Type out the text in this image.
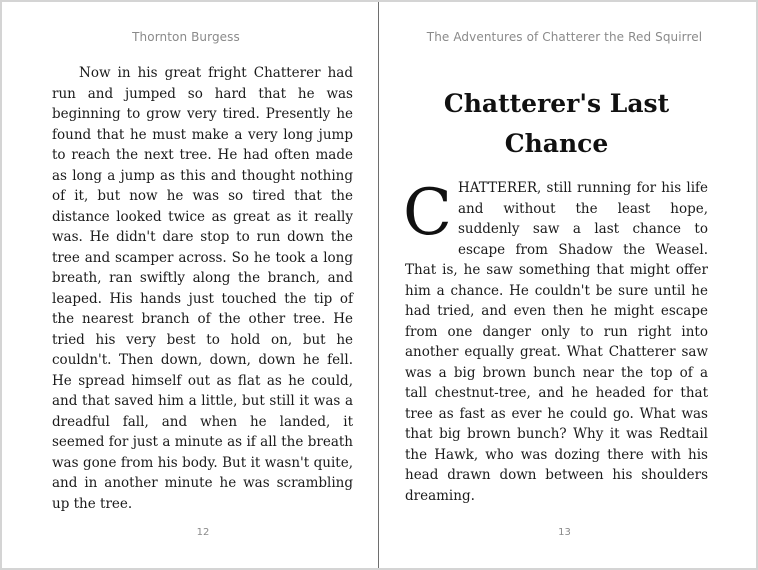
Thornton Burgess

Now in his great fright Chatterer had run and jumped so hard that he was beginning to grow very tired. Presently he found that he must make a very long jump to reach the next tree. He had often made as long a jump as this and thought nothing of it, but now he was so tired that the distance looked twice as great as it really was. He didn't dare stop to run down the tree and scamper across. So he took a long breath, ran swiftly along the branch, and leaped. His hands just touched the tip of the nearest branch of the other tree. He tried his very best to hold on, but he couldn't. Then down, down, down he fell. He spread himself out as flat as he could, and that saved him a little, but still it was a dreadful fall, and when he landed, it seemed for just a minute as if all the breath was gone from his body. But it wasn't quite, and in another minute he was scrambling up the tree.

12
The Adventures of Chatterer the Red Squirrel
Chatterer's Last Chance
CHATTERER, still running for his life and without the least hope, suddenly saw a last chance to escape from Shadow the Weasel. That is, he saw something that might offer him a chance. He couldn't be sure until he had tried, and even then he might escape from one danger only to run right into another equally great. What Chatterer saw was a big brown bunch near the top of a tall chestnut-tree, and he headed for that tree as fast as ever he could go. What was that big brown bunch? Why it was Redtail the Hawk, who was dozing there with his head drawn down between his shoulders dreaming.
13
